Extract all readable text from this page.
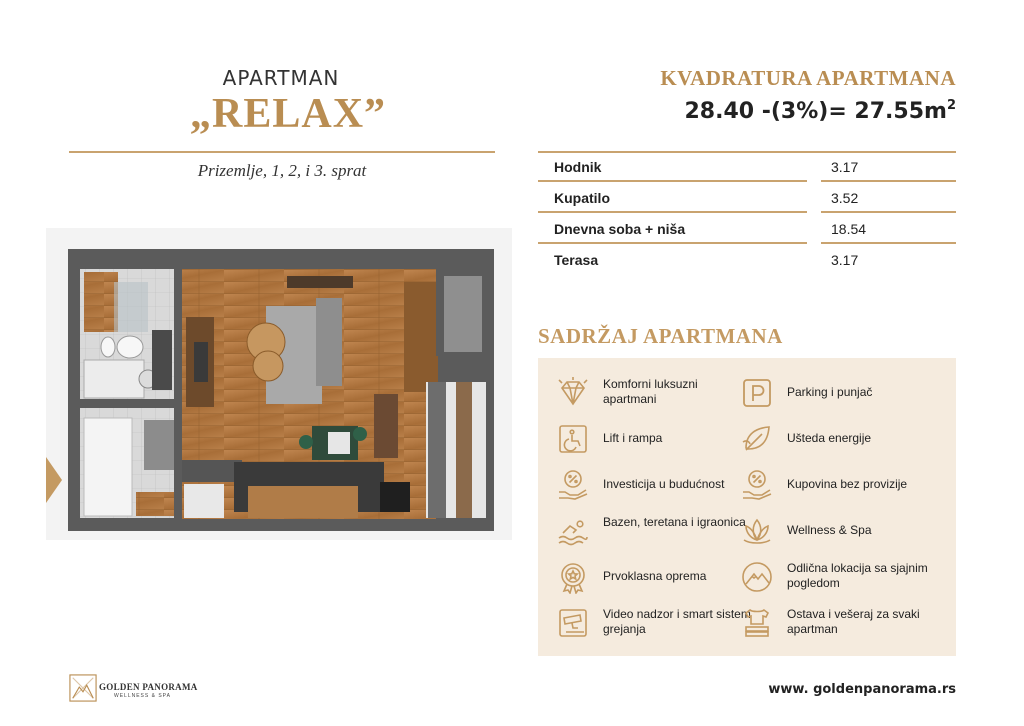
APARTMAN
„RELAX”
Prizemlje, 1, 2, i 3. sprat
KVADRATURA APARTMANA
28.40 $-(3\%)= 27.55m^2$
Hodnik	3.17
Kupatilo	3.52
Dnevna soba + niša	18.54
Terasa	3.17
SADRŽAJ APARTMANA
Komforni luksuzni apartmani	Parking i punjač
Lift i rampa	Ušteda energije
Investicija u budućnost	Kupovina bez provizije
Bazen, teretana i igraonica
Wellness & Spa
Prvoklasna oprema
Odlična lokacija sa sjajnim pogledom
Video nadzor i smart sistem grejanja
Ostava i vešeraj za svaki apartman
GOLDEN PANORAMA
WELLNESS & SPA	www. goldenpanorama.rs
